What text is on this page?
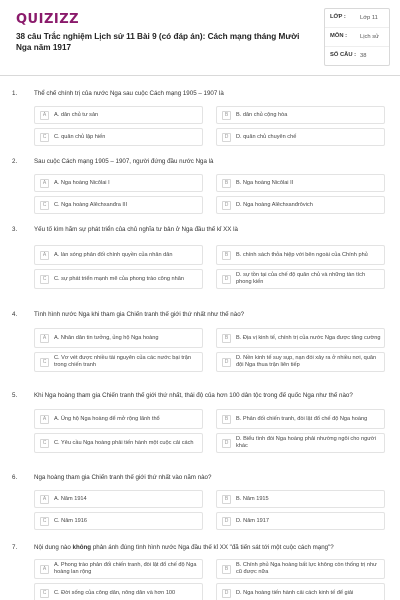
QUIZIZZ
38 câu Trắc nghiệm Lịch sử 11 Bài 9 (có đáp án): Cách mạng tháng Mười Nga năm 1917
LỚP :	Lớp 11
MÔN :	Lịch sử
SỐ CÂU : 38
1.	Thể chế chính trị của nước Nga sau cuộc Cách mạng 1905 – 1907 là
A	A. dân chủ tư sản	B	B. dân chủ cộng hòa
C	C. quân chủ lập hiến	D	D. quân chủ chuyên chế
2.	Sau cuộc Cách mạng 1905 – 1907, người đứng đầu nước Nga là
A	A. Nga hoàng Nicôlai I	B	B. Nga hoàng Nicôlai II
C	C. Nga hoàng Alêchxanđra III	D	D. Nga hoàng Alêchxanđrôvich
3.	Yếu tố kìm hãm sự phát triển của chủ nghĩa tư bản ở Nga đầu thế kỉ XX là
A	A. làn sóng phản đối chính quyền của nhân dân	B	B. chính sách thỏa hiệp với bên ngoài của Chính phủ
C	C. sự phát triển mạnh mẽ của phong trào công nhân	D
D. sự tồn tại của chế độ quân chủ và những tàn tích phong kiến
4.	Tình hình nước Nga khi tham gia Chiến tranh thế giới thứ nhất như thế nào?
A	A. Nhân dân tin tưởng, ủng hộ Nga hoàng	B	B. Địa vị kinh tế, chính trị của nước Nga được tăng cường
C
C. Vơ vét được nhiều tài nguyên của các nước bại trận trong chiến tranh	D
D. Nền kinh tế suy sụp, nạn đói xảy ra ở nhiều nơi, quân đội Nga thua trận liên tiếp
5.	Khi Nga hoàng tham gia Chiến tranh thế giới thứ nhất, thái độ của hơn 100 dân tộc trong đế quốc Nga như thế nào?
A	A. Ủng hộ Nga hoàng để mở rộng lãnh thổ	B	B. Phản đối chiến tranh, đòi lật đổ chế độ Nga hoàng
C	C. Yêu cầu Nga hoàng phải tiến hành một cuộc cải cách	D
D. Biểu tình đòi Nga hoàng phải nhường ngôi cho người khác
6.	Nga hoàng tham gia Chiến tranh thế giới thứ nhất vào năm nào?
A	A. Năm 1914	B	B. Năm 1915
C	C. Năm 1916	D	D. Năm 1917
7.	Nội dung nào không phản ánh đúng tình hình nước Nga đầu thế kỉ XX "đã tiến sát tới một cuộc cách mạng"?
A
A. Phong trào phản đối chiến tranh, đòi lật đổ chế độ Nga hoàng lan rộng	B
B. Chính phủ Nga hoàng bất lực không còn thống trị như cũ được nữa
C	C. Đời sống của công dân, nông dân và hơn 100	D	D. Nga hoàng tiến hành cải cách kinh tế để giải
